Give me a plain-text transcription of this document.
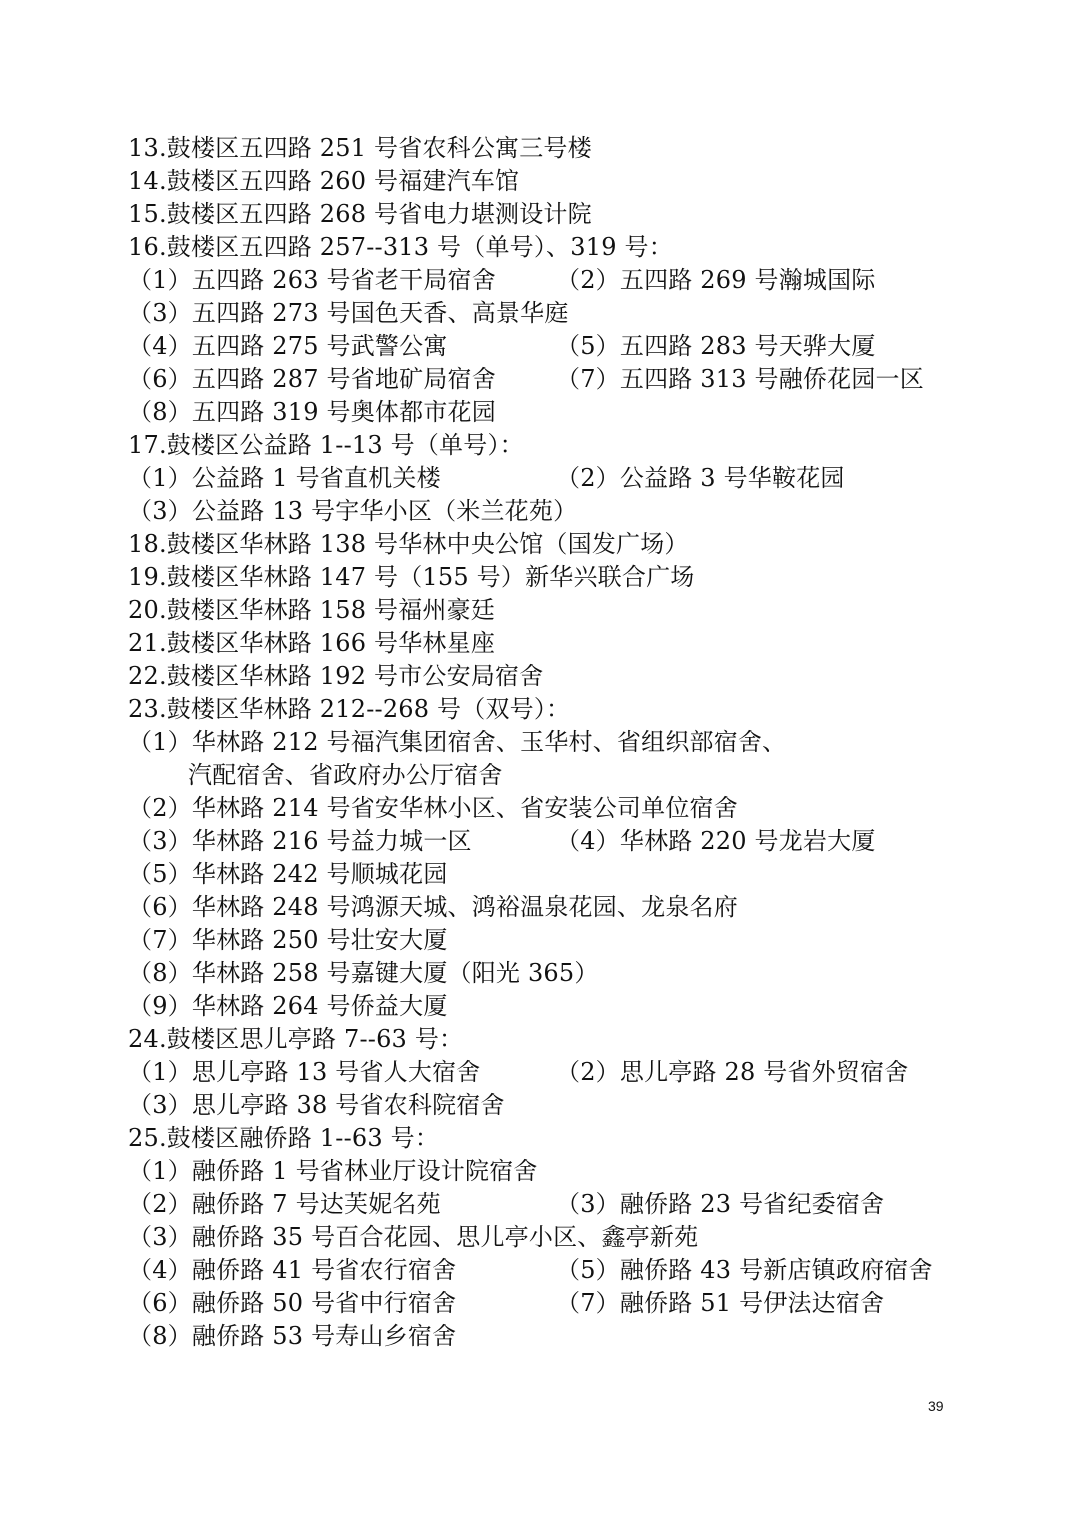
13.鼓楼区五四路 251 号省农科公寓三号楼
14.鼓楼区五四路 260 号福建汽车馆
15.鼓楼区五四路 268 号省电力堪测设计院
16.鼓楼区五四路 257--313 号（单号）、319 号：
（1）五四路 263 号省老干局宿舍	（2）五四路 269 号瀚城国际
（3）五四路 273 号国色天香、高景华庭
（4）五四路 275 号武警公寓	（5）五四路 283 号天骅大厦
（6）五四路 287 号省地矿局宿舍	（7）五四路 313 号融侨花园一区
（8）五四路 319 号奥体都市花园
17.鼓楼区公益路 1--13 号（单号）：
（1）公益路 1 号省直机关楼	（2）公益路 3 号华鞍花园
（3）公益路 13 号宇华小区（米兰花苑）
18.鼓楼区华林路 138 号华林中央公馆（国发广场）
19.鼓楼区华林路 147 号（155 号）新华兴联合广场
20.鼓楼区华林路 158 号福州豪廷
21.鼓楼区华林路 166 号华林星座
22.鼓楼区华林路 192 号市公安局宿舍
23.鼓楼区华林路 212--268 号（双号）：
（1）华林路 212 号福汽集团宿舍、玉华村、省组织部宿舍、
汽配宿舍、省政府办公厅宿舍
（2）华林路 214 号省安华林小区、省安装公司单位宿舍
（3）华林路 216 号益力城一区	（4）华林路 220 号龙岩大厦
（5）华林路 242 号顺城花园
（6）华林路 248 号鸿源天城、鸿裕温泉花园、龙泉名府
（7）华林路 250 号壮安大厦
（8）华林路 258 号嘉键大厦（阳光 365）
（9）华林路 264 号侨益大厦
24.鼓楼区思儿亭路 7--63 号：
（1）思儿亭路 13 号省人大宿舍	（2）思儿亭路 28 号省外贸宿舍
（3）思儿亭路 38 号省农科院宿舍
25.鼓楼区融侨路 1--63 号：
（1）融侨路 1 号省林业厅设计院宿舍
（2）融侨路 7 号达芙妮名苑	（3）融侨路 23 号省纪委宿舍
（3）融侨路 35 号百合花园、思儿亭小区、鑫亭新苑
（4）融侨路 41 号省农行宿舍	（5）融侨路 43 号新店镇政府宿舍
（6）融侨路 50 号省中行宿舍	（7）融侨路 51 号伊法达宿舍
（8）融侨路 53 号寿山乡宿舍
39
